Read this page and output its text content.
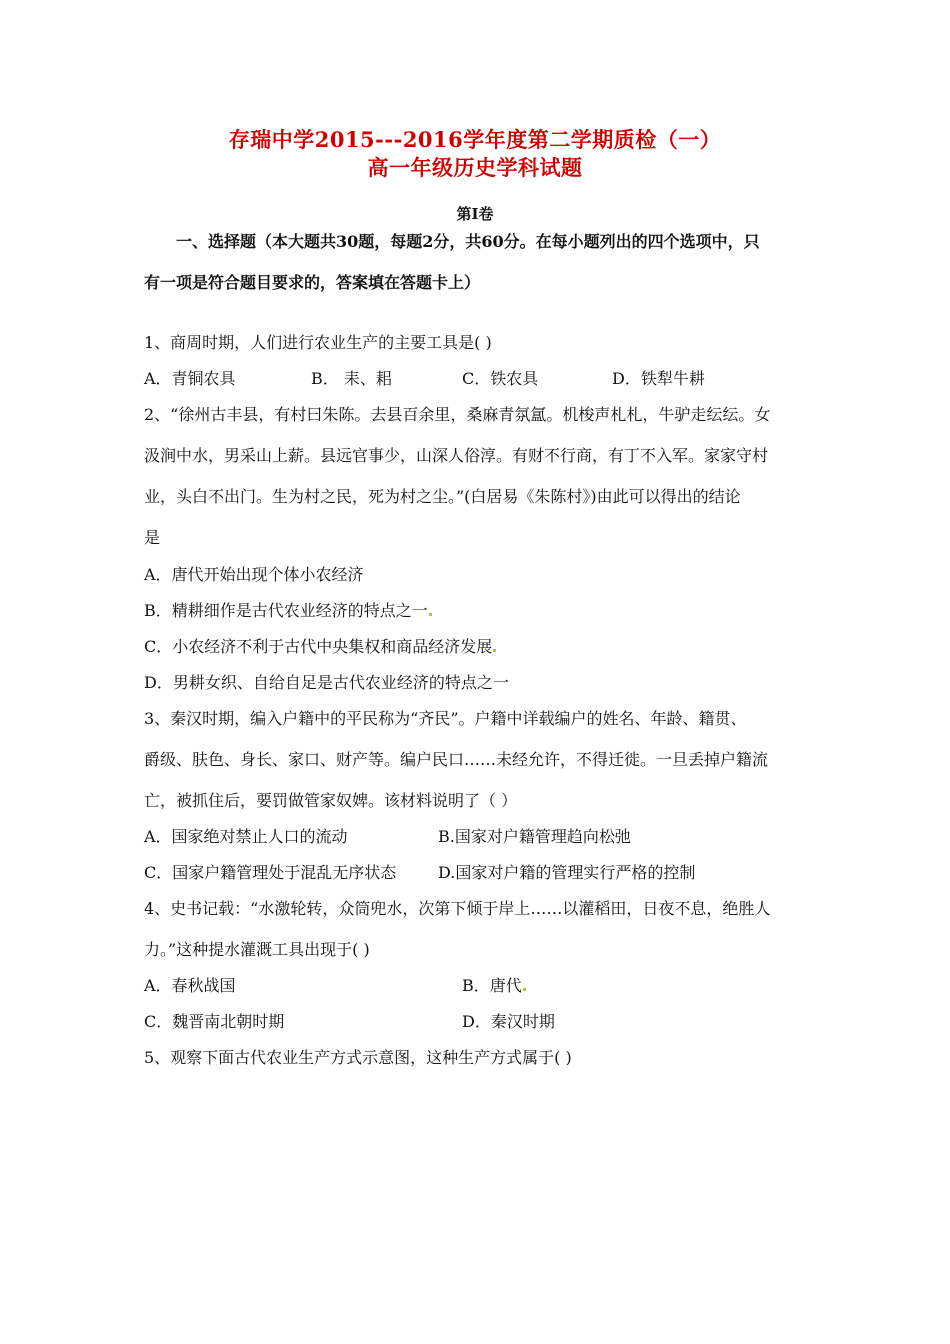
存瑞中学2015---2016学年度第二学期质检（一）
高一年级历史学科试题
第I卷
一、选择题（本大题共30题，每题2分，共60分。在每小题列出的四个选项中，只
有一项是符合题目要求的，答案填在答题卡上）
1、商周时期，人们进行农业生产的主要工具是( )
A．青铜农具	B． 耒、耜	C．铁农具	D．铁犁牛耕
2、“徐州古丰县，有村曰朱陈。去县百余里，桑麻青氛氲。机梭声札札，牛驴走纭纭。女
汲涧中水，男采山上薪。县远官事少，山深人俗淳。有财不行商，有丁不入军。家家守村
业，头白不出门。生为村之民，死为村之尘。”(白居易《朱陈村》)由此可以得出的结论
是
A．唐代开始出现个体小农经济
B．精耕细作是古代农业经济的特点之一
C．小农经济不利于古代中央集权和商品经济发展
D．男耕女织、自给自足是古代农业经济的特点之一
3、秦汉时期，编入户籍中的平民称为“齐民”。户籍中详载编户的姓名、年龄、籍贯、
爵级、肤色、身长、家口、财产等。编户民口……未经允许，不得迁徙。一旦丢掉户籍流
亡，被抓住后，要罚做管家奴婢。该材料说明了（ ）
A．国家绝对禁止人口的流动	B.国家对户籍管理趋向松弛
C．国家户籍管理处于混乱无序状态	D.国家对户籍的管理实行严格的控制
4、史书记载：“水激轮转，众筒兜水，次第下倾于岸上……以灌稻田，日夜不息，绝胜人
力。”这种提水灌溉工具出现于( )
A．春秋战国	B．唐代
C．魏晋南北朝时期	D．秦汉时期
5、观察下面古代农业生产方式示意图，这种生产方式属于( )
